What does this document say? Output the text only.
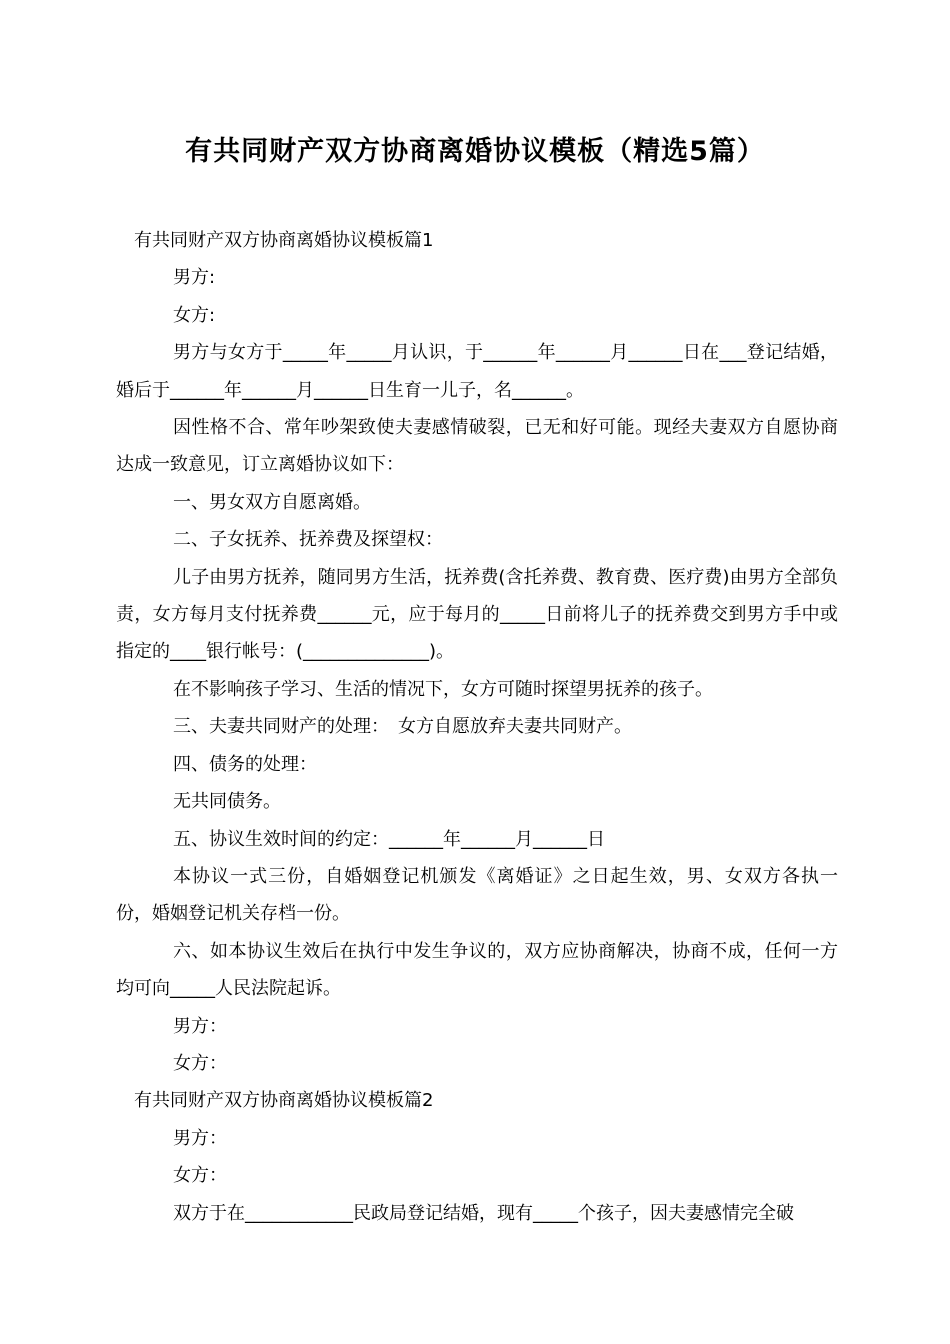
有共同财产双方协商离婚协议模板（精选5篇）

有共同财产双方协商离婚协议模板篇1

男方:

女方:

男方与女方于_____年_____月认识，于______年______月______日在___登记结婚，婚后于______年______月______日生育一儿子，名______。

因性格不合、常年吵架致使夫妻感情破裂，已无和好可能。现经夫妻双方自愿协商达成一致意见，订立离婚协议如下：

一、男女双方自愿离婚。

二、子女抚养、抚养费及探望权：

儿子由男方抚养，随同男方生活，抚养费(含托养费、教育费、医疗费)由男方全部负责，女方每月支付抚养费______元，应于每月的_____日前将儿子的抚养费交到男方手中或指定的____银行帐号：(______________)。

在不影响孩子学习、生活的情况下，女方可随时探望男抚养的孩子。

三、夫妻共同财产的处理：　女方自愿放弃夫妻共同财产。

四、债务的处理：

无共同债务。

五、协议生效时间的约定：______年______月______日

本协议一式三份，自婚姻登记机颁发《离婚证》之日起生效，男、女双方各执一份，婚姻登记机关存档一份。

六、如本协议生效后在执行中发生争议的，双方应协商解决，协商不成，任何一方均可向_____人民法院起诉。

男方：

女方：

有共同财产双方协商离婚协议模板篇2

男方：

女方：

双方于在____________民政局登记结婚，现有_____个孩子，因夫妻感情完全破
